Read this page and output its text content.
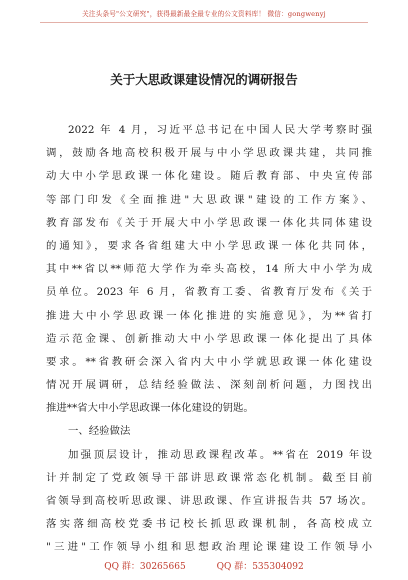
关注头条号"公文研究"，获得最新最全最专业的公文资料库！ 微信：gongwenyj
关于大思政课建设情况的调研报告
2022 年 4 月，习近平总书记在中国人民大学考察时强
调，鼓励各地高校积极开展与中小学思政课共建，共同推
动大中小学思政课一体化建设。随后教育部、中央宣传部
等部门印发《全面推进"大思政课"建设的工作方案》、
教育部发布《关于开展大中小学思政课一体化共同体建设
的通知》，要求各省组建大中小学思政课一体化共同体，
其中**省以**师范大学作为牵头高校，14 所大中小学为成
员单位。2023 年 6 月，省教育工委、省教育厅发布《关于
推进大中小学思政课一体化推进的实施意见》，为**省打
造示范金课、创新推动大中小学思政课一体化提出了具体
要求。**省教研会深入省内大中小学就思政课一体化建设
情况开展调研，总结经验做法、深刻剖析问题，力图找出
推进**省大中小学思政课一体化建设的钥匙。
一、经验做法
加强顶层设计，推动思政课程改革。**省在 2019 年设
计并制定了党政领导干部讲思政课常态化机制。截至目前
省领导到高校听思政课、讲思政课、作宣讲报告共 57 场次。
落实落细高校党委书记校长抓思政课机制，各高校成立
"三进"工作领导小组和思想政治理论课建设工作领导小
QQ 群：30265665	QQ 群：535304092
